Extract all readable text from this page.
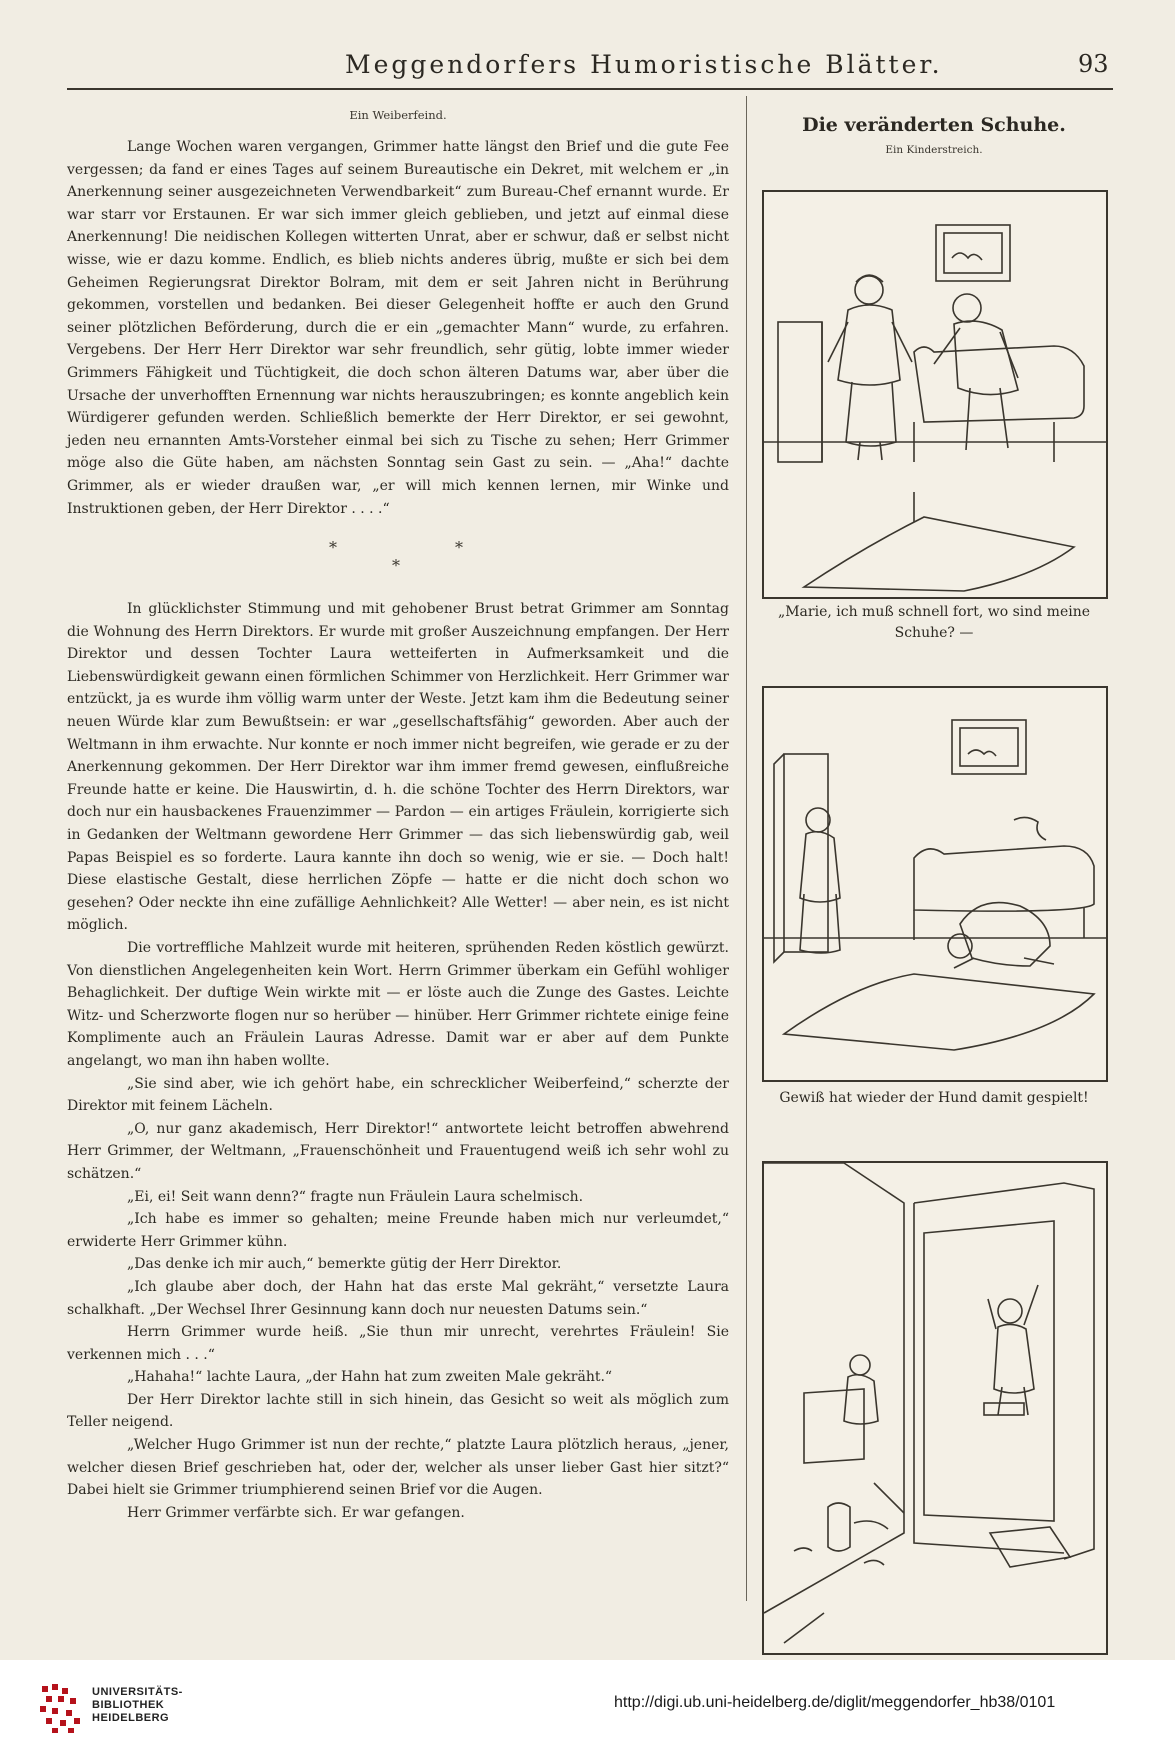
Meggendorfers Humoristische Blätter.	93
Ein Weiberfeind.

Lange Wochen waren vergangen, Grimmer hatte längst den Brief und die gute Fee vergessen; da fand er eines Tages auf seinem Bureautische ein Dekret, mit welchem er „in Anerkennung seiner ausgezeichneten Verwendbarkeit“ zum Bureau-Chef ernannt wurde. Er war starr vor Erstaunen. Er war sich immer gleich geblieben, und jetzt auf einmal diese Anerkennung! Die neidischen Kollegen witterten Unrat, aber er schwur, daß er selbst nicht wisse, wie er dazu komme. Endlich, es blieb nichts anderes übrig, mußte er sich bei dem Geheimen Regierungsrat Direktor Bolram, mit dem er seit Jahren nicht in Berührung gekommen, vorstellen und bedanken. Bei dieser Gelegenheit hoffte er auch den Grund seiner plötzlichen Beförderung, durch die er ein „gemachter Mann“ wurde, zu erfahren. Vergebens. Der Herr Herr Direktor war sehr freundlich, sehr gütig, lobte immer wieder Grimmers Fähigkeit und Tüchtigkeit, die doch schon älteren Datums war, aber über die Ursache der unverhofften Ernennung war nichts herauszubringen; es konnte angeblich kein Würdigerer gefunden werden. Schließlich bemerkte der Herr Direktor, er sei gewohnt, jeden neu ernannten Amts-Vorsteher einmal bei sich zu Tische zu sehen; Herr Grimmer möge also die Güte haben, am nächsten Sonntag sein Gast zu sein. — „Aha!“ dachte Grimmer, als er wieder draußen war, „er will mich kennen lernen, mir Winke und Instruktionen geben, der Herr Direktor . . . .“

*
*
*

In glücklichster Stimmung und mit gehobener Brust betrat Grimmer am Sonntag die Wohnung des Herrn Direktors. Er wurde mit großer Auszeichnung empfangen. Der Herr Direktor und dessen Tochter Laura wetteiferten in Aufmerksamkeit und die Liebenswürdigkeit gewann einen förmlichen Schimmer von Herzlichkeit. Herr Grimmer war entzückt, ja es wurde ihm völlig warm unter der Weste. Jetzt kam ihm die Bedeutung seiner neuen Würde klar zum Bewußtsein: er war „gesellschaftsfähig“ geworden. Aber auch der Weltmann in ihm erwachte. Nur konnte er noch immer nicht begreifen, wie gerade er zu der Anerkennung gekommen. Der Herr Direktor war ihm immer fremd gewesen, einflußreiche Freunde hatte er keine. Die Hauswirtin, d. h. die schöne Tochter des Herrn Direktors, war doch nur ein hausbackenes Frauenzimmer — Pardon — ein artiges Fräulein, korrigierte sich in Gedanken der Weltmann gewordene Herr Grimmer — das sich liebenswürdig gab, weil Papas Beispiel es so forderte. Laura kannte ihn doch so wenig, wie er sie. — Doch halt! Diese elastische Gestalt, diese herrlichen Zöpfe — hatte er die nicht doch schon wo gesehen? Oder neckte ihn eine zufällige Aehnlichkeit? Alle Wetter! — aber nein, es ist nicht möglich.

Die vortreffliche Mahlzeit wurde mit heiteren, sprühenden Reden köstlich gewürzt. Von dienstlichen Angelegenheiten kein Wort. Herrn Grimmer überkam ein Gefühl wohliger Behaglichkeit. Der duftige Wein wirkte mit — er löste auch die Zunge des Gastes. Leichte Witz- und Scherzworte flogen nur so herüber — hinüber. Herr Grimmer richtete einige feine Komplimente auch an Fräulein Lauras Adresse. Damit war er aber auf dem Punkte angelangt, wo man ihn haben wollte.

„Sie sind aber, wie ich gehört habe, ein schrecklicher Weiberfeind,“ scherzte der Direktor mit feinem Lächeln.

„O, nur ganz akademisch, Herr Direktor!“ antwortete leicht betroffen abwehrend Herr Grimmer, der Weltmann, „Frauenschönheit und Frauentugend weiß ich sehr wohl zu schätzen.“

„Ei, ei! Seit wann denn?“ fragte nun Fräulein Laura schelmisch.

„Ich habe es immer so gehalten; meine Freunde haben mich nur verleumdet,“ erwiderte Herr Grimmer kühn.

„Das denke ich mir auch,“ bemerkte gütig der Herr Direktor.

„Ich glaube aber doch, der Hahn hat das erste Mal gekräht,“ versetzte Laura schalkhaft. „Der Wechsel Ihrer Gesinnung kann doch nur neuesten Datums sein.“

Herrn Grimmer wurde heiß. „Sie thun mir unrecht, verehrtes Fräulein! Sie verkennen mich . . .“

„Hahaha!“ lachte Laura, „der Hahn hat zum zweiten Male gekräht.“

Der Herr Direktor lachte still in sich hinein, das Gesicht so weit als möglich zum Teller neigend.

„Welcher Hugo Grimmer ist nun der rechte,“ platzte Laura plötzlich heraus, „jener, welcher diesen Brief geschrieben hat, oder der, welcher als unser lieber Gast hier sitzt?“ Dabei hielt sie Grimmer triumphierend seinen Brief vor die Augen.

Herr Grimmer verfärbte sich. Er war gefangen.

Die veränderten Schuhe.
Ein Kinderstreich.
„Marie, ich muß schnell fort, wo sind meine Schuhe? —
Gewiß hat wieder der Hund damit gespielt!
UNIVERSITÄTS-
BIBLIOTHEK
HEIDELBERG
http://digi.ub.uni-heidelberg.de/diglit/meggendorfer_hb38/0101
